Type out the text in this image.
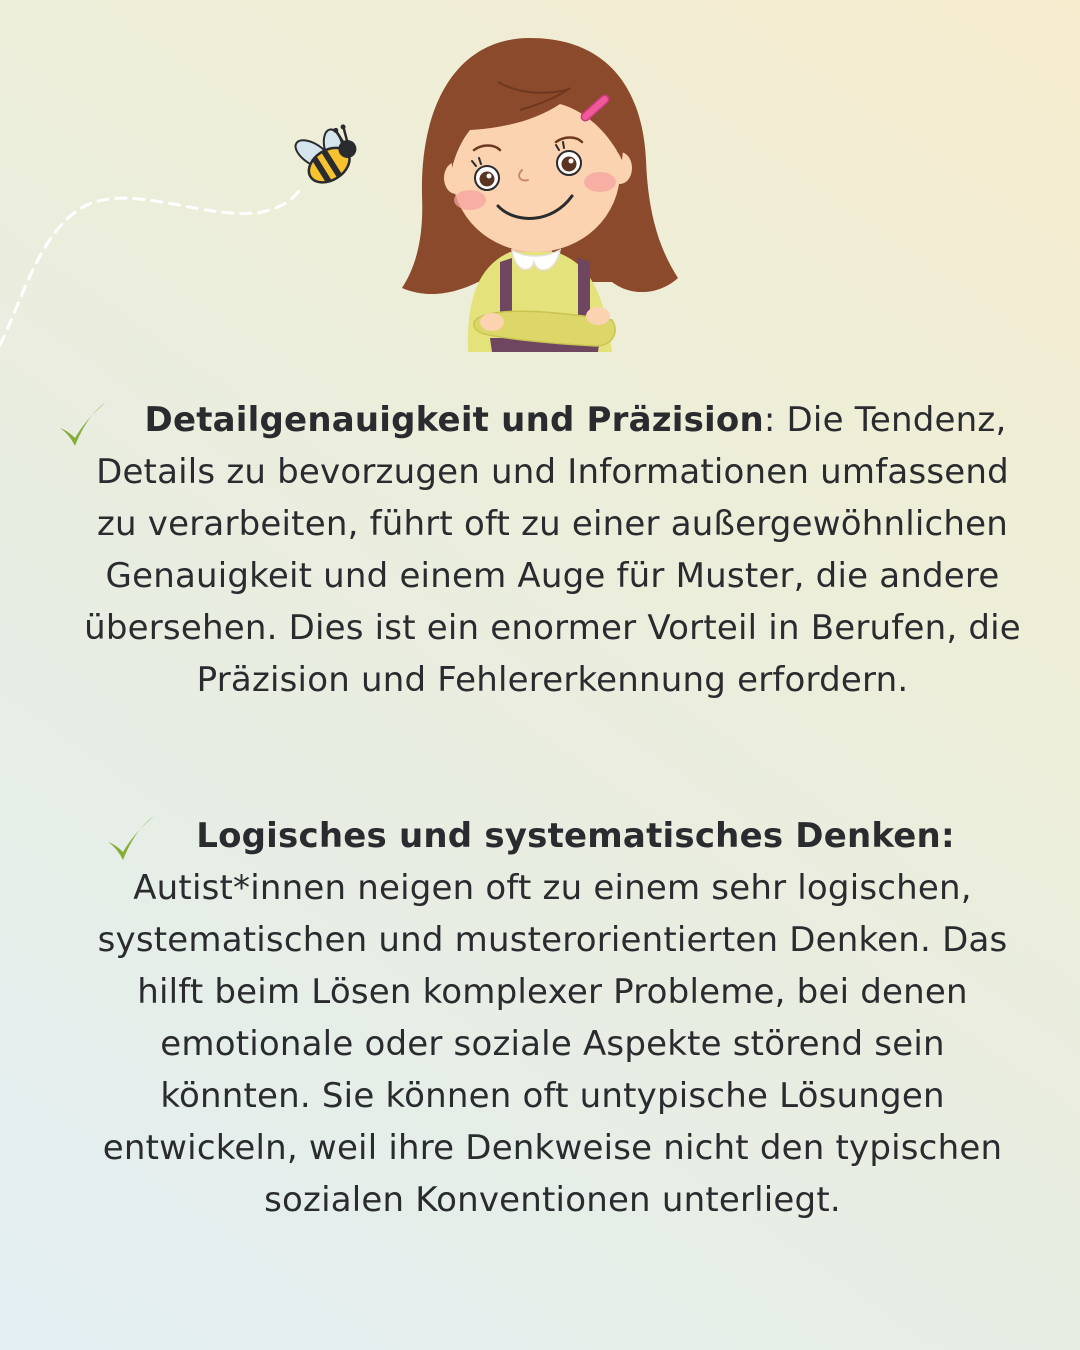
Detailgenauigkeit und Präzision: Die Tendenz, Details zu bevorzugen und Informationen umfassend zu verarbeiten, führt oft zu einer außergewöhnlichen Genauigkeit und einem Auge für Muster, die andere übersehen. Dies ist ein enormer Vorteil in Berufen, die Präzision und Fehlererkennung erfordern.

Logisches und systematisches Denken: Autist*innen neigen oft zu einem sehr logischen, systematischen und musterorientierten Denken. Das hilft beim Lösen komplexer Probleme, bei denen emotionale oder soziale Aspekte störend sein könnten. Sie können oft untypische Lösungen entwickeln, weil ihre Denkweise nicht den typischen sozialen Konventionen unterliegt.
